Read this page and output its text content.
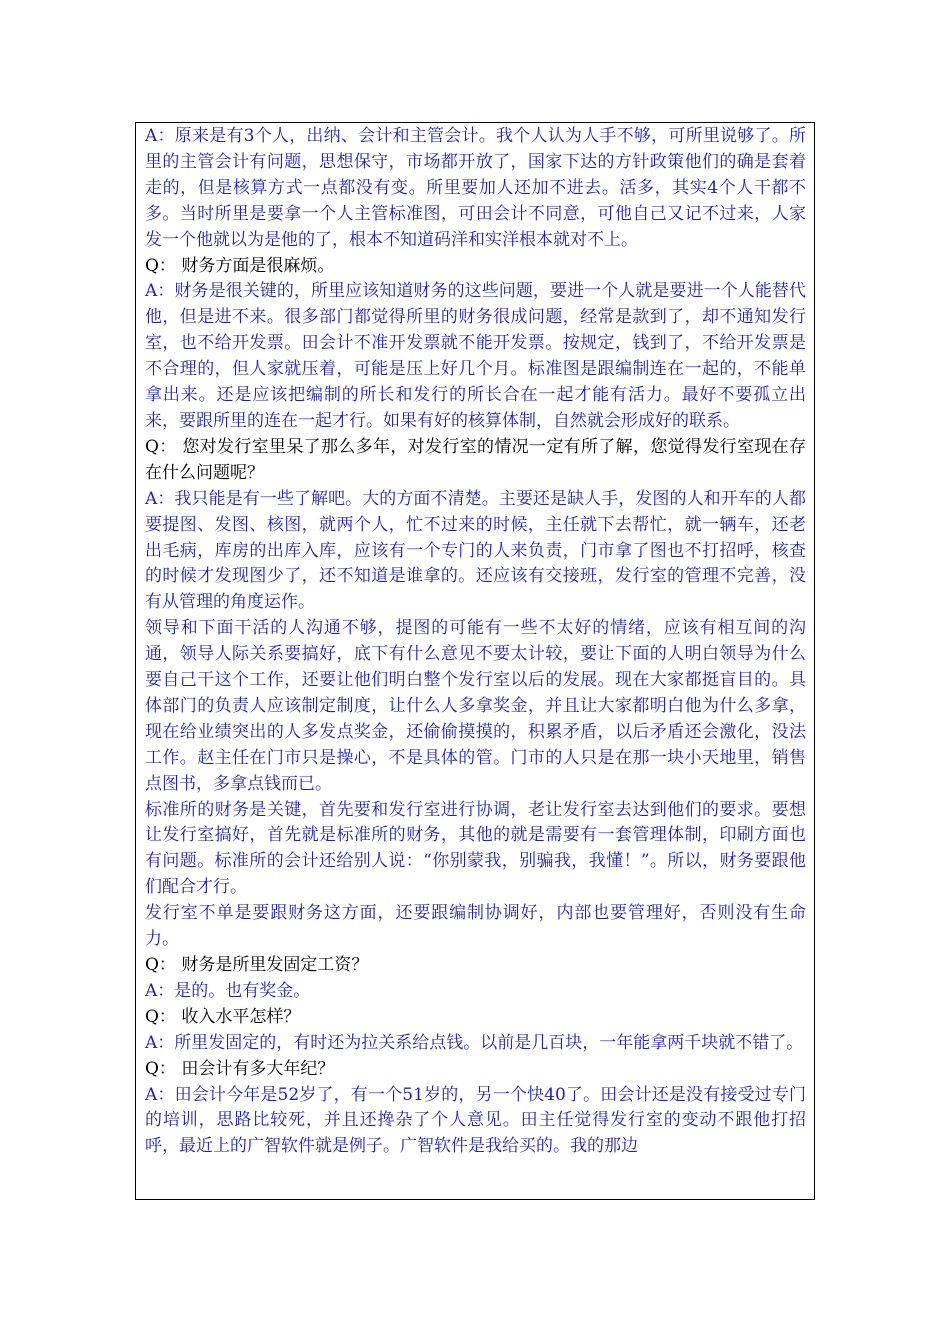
A：原来是有3个人，出纳、会计和主管会计。我个人认为人手不够，可所里说够了。所里的主管会计有问题，思想保守，市场都开放了，国家下达的方针政策他们的确是套着走的，但是核算方式一点都没有变。所里要加人还加不进去。活多，其实4个人干都不多。当时所里是要拿一个人主管标准图，可田会计不同意，可他自己又记不过来，人家发一个他就以为是他的了，根本不知道码洋和实洋根本就对不上。

Q： 财务方面是很麻烦。

A：财务是很关键的，所里应该知道财务的这些问题，要进一个人就是要进一个人能替代他，但是进不来。很多部门都觉得所里的财务很成问题，经常是款到了，却不通知发行室，也不给开发票。田会计不准开发票就不能开发票。按规定，钱到了，不给开发票是不合理的，但人家就压着，可能是压上好几个月。标准图是跟编制连在一起的，不能单拿出来。还是应该把编制的所长和发行的所长合在一起才能有活力。最好不要孤立出来，要跟所里的连在一起才行。如果有好的核算体制，自然就会形成好的联系。

Q： 您对发行室里呆了那么多年，对发行室的情况一定有所了解，您觉得发行室现在存在什么问题呢？

A：我只能是有一些了解吧。大的方面不清楚。主要还是缺人手，发图的人和开车的人都要提图、发图、核图，就两个人，忙不过来的时候，主任就下去帮忙，就一辆车，还老出毛病，库房的出库入库，应该有一个专门的人来负责，门市拿了图也不打招呼，核查的时候才发现图少了，还不知道是谁拿的。还应该有交接班，发行室的管理不完善，没有从管理的角度运作。

领导和下面干活的人沟通不够，提图的可能有一些不太好的情绪，应该有相互间的沟通，领导人际关系要搞好，底下有什么意见不要太计较，要让下面的人明白领导为什么要自己干这个工作，还要让他们明白整个发行室以后的发展。现在大家都挺盲目的。具体部门的负责人应该制定制度，让什么人多拿奖金，并且让大家都明白他为什么多拿，现在给业绩突出的人多发点奖金，还偷偷摸摸的，积累矛盾，以后矛盾还会激化，没法工作。赵主任在门市只是操心，不是具体的管。门市的人只是在那一块小天地里，销售点图书，多拿点钱而已。

标准所的财务是关键，首先要和发行室进行协调，老让发行室去达到他们的要求。要想让发行室搞好，首先就是标准所的财务，其他的就是需要有一套管理体制，印刷方面也有问题。标准所的会计还给别人说：“你别蒙我，别骗我，我懂！”。所以，财务要跟他们配合才行。

发行室不单是要跟财务这方面，还要跟编制协调好，内部也要管理好，否则没有生命力。

Q： 财务是所里发固定工资？

A：是的。也有奖金。

Q： 收入水平怎样？

A：所里发固定的，有时还为拉关系给点钱。以前是几百块，一年能拿两千块就不错了。

Q： 田会计有多大年纪？

A：田会计今年是52岁了，有一个51岁的，另一个快40了。田会计还是没有接受过专门的培训，思路比较死，并且还搀杂了个人意见。田主任觉得发行室的变动不跟他打招呼，最近上的广智软件就是例子。广智软件是我给买的。我的那边
